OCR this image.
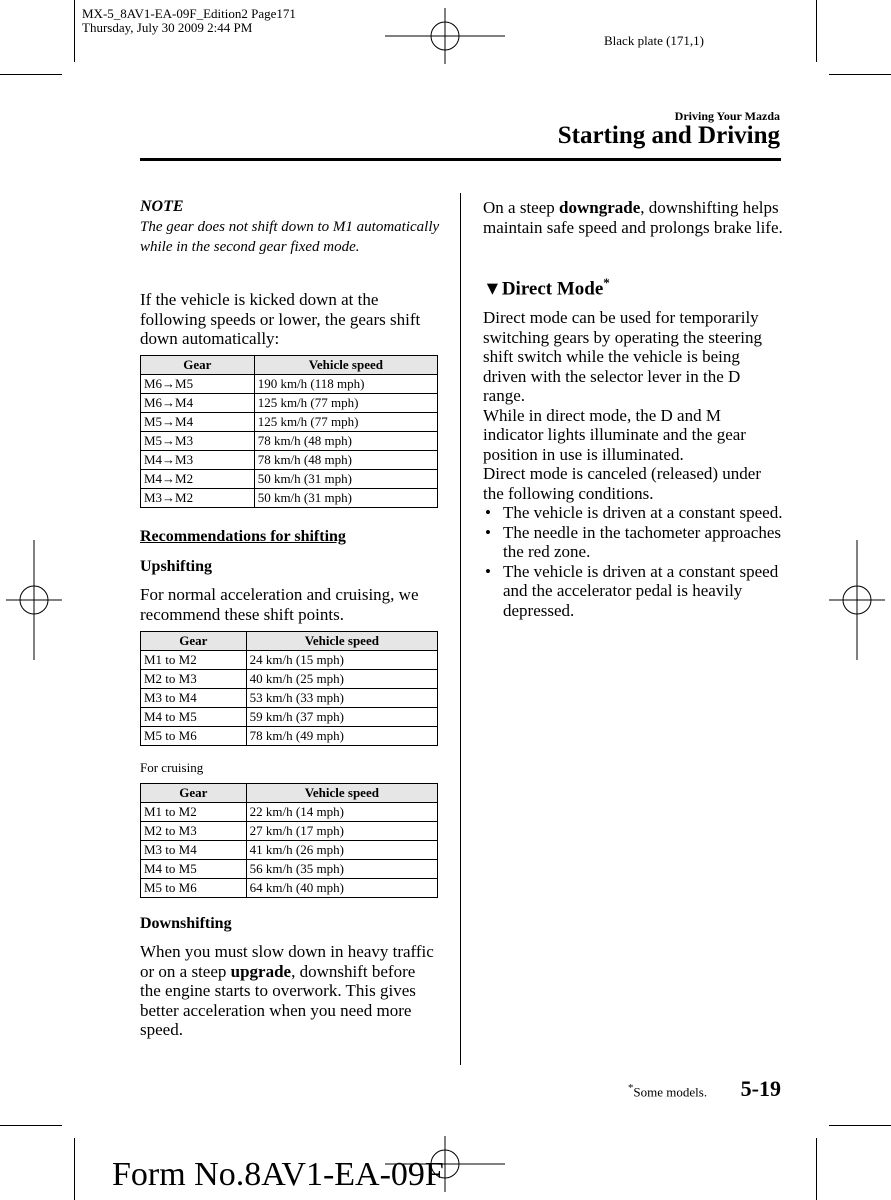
MX-5_8AV1-EA-09F_Edition2 Page171
Thursday, July 30 2009 2:44 PM
Black plate (171,1)
Driving Your Mazda
Starting and Driving
NOTE
The gear does not shift down to M1 automatically while in the second gear fixed mode.
If the vehicle is kicked down at the following speeds or lower, the gears shift down automatically:
Gear	Vehicle speed
M6→M5	190 km/h (118 mph)
M6→M4	125 km/h (77 mph)
M5→M4	125 km/h (77 mph)
M5→M3	78 km/h (48 mph)
M4→M3	78 km/h (48 mph)
M4→M2	50 km/h (31 mph)
M3→M2	50 km/h (31 mph)
Recommendations for shifting
Upshifting
For normal acceleration and cruising, we recommend these shift points.
Gear	Vehicle speed
M1 to M2	24 km/h (15 mph)
M2 to M3	40 km/h (25 mph)
M3 to M4	53 km/h (33 mph)
M4 to M5	59 km/h (37 mph)
M5 to M6	78 km/h (49 mph)
For cruising
Gear	Vehicle speed
M1 to M2	22 km/h (14 mph)
M2 to M3	27 km/h (17 mph)
M3 to M4	41 km/h (26 mph)
M4 to M5	56 km/h (35 mph)
M5 to M6	64 km/h (40 mph)
Downshifting
When you must slow down in heavy traffic or on a steep upgrade, downshift before the engine starts to overwork. This gives better acceleration when you need more speed.
On a steep downgrade, downshifting helps maintain safe speed and prolongs brake life.
▼Direct Mode*
Direct mode can be used for temporarily switching gears by operating the steering shift switch while the vehicle is being driven with the selector lever in the D range.
While in direct mode, the D and M indicator lights illuminate and the gear position in use is illuminated.
Direct mode is canceled (released) under the following conditions.
• The vehicle is driven at a constant speed.
• The needle in the tachometer approaches the red zone.
• The vehicle is driven at a constant speed and the accelerator pedal is heavily depressed.
*Some models. 5-19
Form No.8AV1-EA-09F
